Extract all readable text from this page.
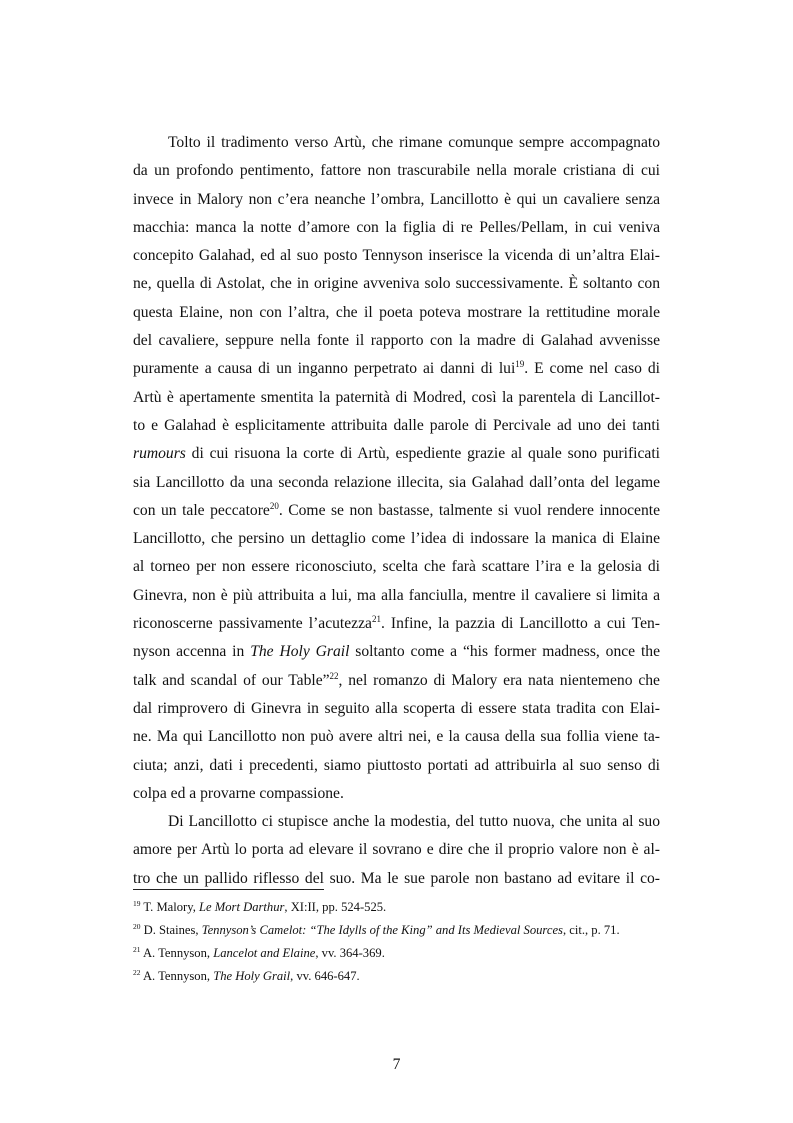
Tolto il tradimento verso Artù, che rimane comunque sempre accompagnato
da un profondo pentimento, fattore non trascurabile nella morale cristiana di cui
invece in Malory non c’era neanche l’ombra, Lancillotto è qui un cavaliere senza
macchia: manca la notte d’amore con la figlia di re Pelles/Pellam, in cui veniva
concepito Galahad, ed al suo posto Tennyson inserisce la vicenda di un’altra Elai-
ne, quella di Astolat, che in origine avveniva solo successivamente. È soltanto con
questa Elaine, non con l’altra, che il poeta poteva mostrare la rettitudine morale
del cavaliere, seppure nella fonte il rapporto con la madre di Galahad avvenisse
puramente a causa di un inganno perpetrato ai danni di lui$^{19}$. E come nel caso di
Artù è apertamente smentita la paternità di Modred, così la parentela di Lancillot-
to e Galahad è esplicitamente attribuita dalle parole di Percivale ad uno dei tanti
rumours di cui risuona la corte di Artù, espediente grazie al quale sono purificati
sia Lancillotto da una seconda relazione illecita, sia Galahad dall’onta del legame
con un tale peccatore$^{20}$. Come se non bastasse, talmente si vuol rendere innocente
Lancillotto, che persino un dettaglio come l’idea di indossare la manica di Elaine
al torneo per non essere riconosciuto, scelta che farà scattare l’ira e la gelosia di
Ginevra, non è più attribuita a lui, ma alla fanciulla, mentre il cavaliere si limita a
riconoscerne passivamente l’acutezza$^{21}$. Infine, la pazzia di Lancillotto a cui Ten-
nyson accenna in The Holy Grail soltanto come a “his former madness, once the
talk and scandal of our Table”$^{22}$, nel romanzo di Malory era nata nientemeno che
dal rimprovero di Ginevra in seguito alla scoperta di essere stata tradita con Elai-
ne. Ma qui Lancillotto non può avere altri nei, e la causa della sua follia viene ta-
ciuta; anzi, dati i precedenti, siamo piuttosto portati ad attribuirla al suo senso di
colpa ed a provarne compassione.
Di Lancillotto ci stupisce anche la modestia, del tutto nuova, che unita al suo
amore per Artù lo porta ad elevare il sovrano e dire che il proprio valore non è al-
tro che un pallido riflesso del suo. Ma le sue parole non bastano ad evitare il co-
$^{19}$ T. Malory, Le Mort Darthur, XI:II, pp. 524-525.
$^{20}$ D. Staines, Tennyson’s Camelot: “The Idylls of the King” and Its Medieval Sources, cit., p. 71.
$^{21}$ A. Tennyson, Lancelot and Elaine, vv. 364-369.
$^{22}$ A. Tennyson, The Holy Grail, vv. 646-647.
7
